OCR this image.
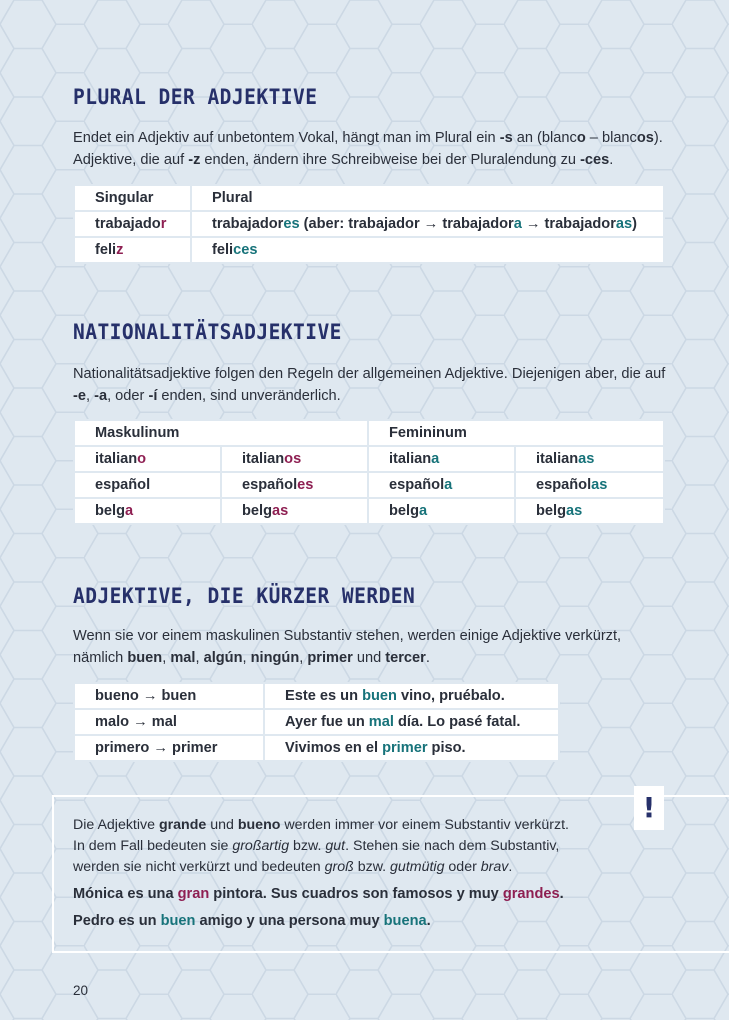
PLURAL DER ADJEKTIVE

Endet ein Adjektiv auf unbetontem Vokal, hängt man im Plural ein -s an (blanco – blancos). Adjektive, die auf -z enden, ändern ihre Schreibweise bei der Pluralendung zu -ces.

Singular	Plural
trabajador	trabajadores (aber: trabajador → trabajadora → trabajadoras)
feliz	felices
NATIONALITÄTSADJEKTIVE

Nationalitätsadjektive folgen den Regeln der allgemeinen Adjektive. Diejenigen aber, die auf -e, -a, oder -í enden, sind unveränderlich.

Maskulinum		Femininum	
italiano	italianos	italiana	italianas
español	españoles	española	españolas
belga	belgas	belga	belgas
ADJEKTIVE, DIE KÜRZER WERDEN

Wenn sie vor einem maskulinen Substantiv stehen, werden einige Adjektive verkürzt, nämlich buen, mal, algún, ningún, primer und tercer.

bueno → buen	Este es un buen vino, pruébalo.
malo → mal	Ayer fue un mal día. Lo pasé fatal.
primero → primer	Vivimos en el primer piso.
!

Die Adjektive grande und bueno werden immer vor einem Substantiv verkürzt.
In dem Fall bedeuten sie großartig bzw. gut. Stehen sie nach dem Substantiv,
werden sie nicht verkürzt und bedeuten groß bzw. gutmütig oder brav.

Mónica es una gran pintora. Sus cuadros son famosos y muy grandes.

Pedro es un buen amigo y una persona muy buena.

20
